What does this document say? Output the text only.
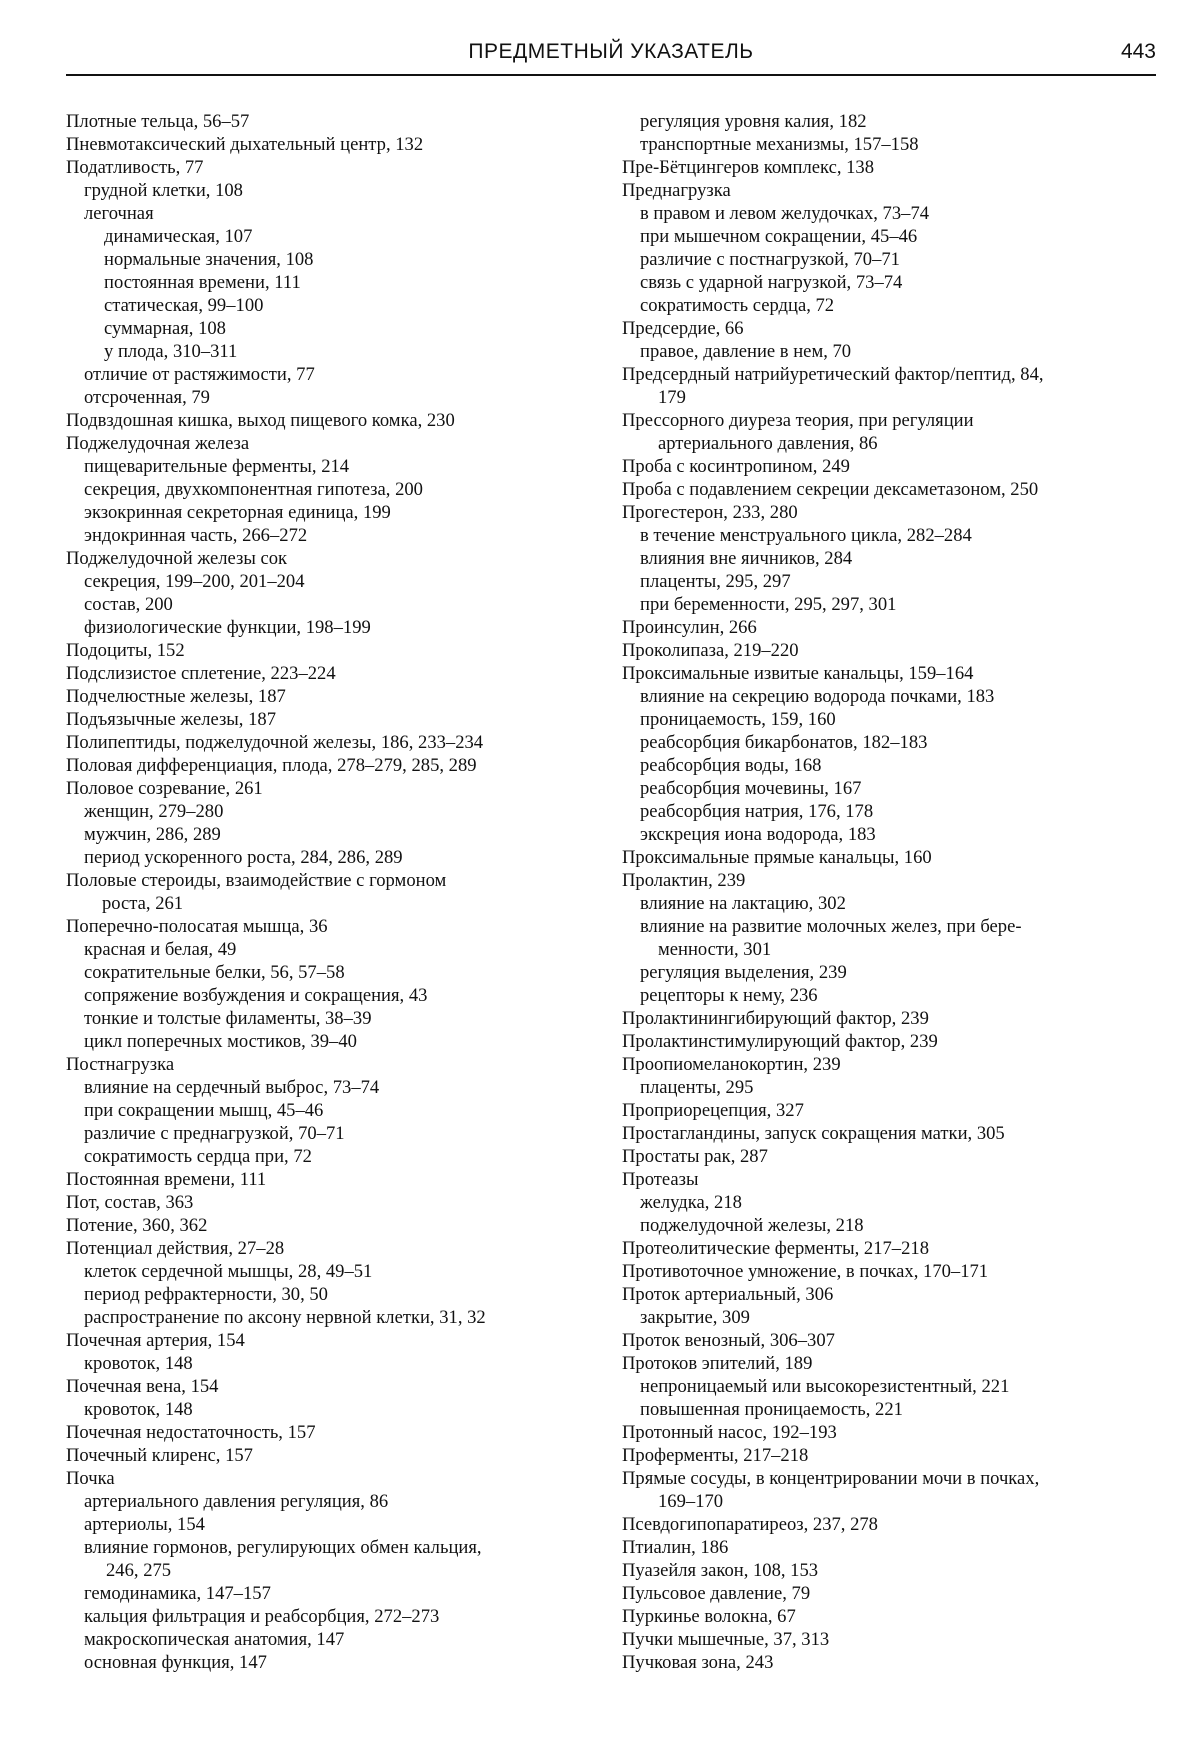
ПРЕДМЕТНЫЙ УКАЗАТЕЛЬ	443
Плотные тельца, 56–57
Пневмотаксический дыхательный центр, 132
Податливость, 77
грудной клетки, 108
легочная
динамическая, 107
нормальные значения, 108
постоянная времени, 111
статическая, 99–100
суммарная, 108
у плода, 310–311
отличие от растяжимости, 77
отсроченная, 79
Подвздошная кишка, выход пищевого комка, 230
Поджелудочная железа
пищеварительные ферменты, 214
секреция, двухкомпонентная гипотеза, 200
экзокринная секреторная единица, 199
эндокринная часть, 266–272
Поджелудочной железы сок
секреция, 199–200, 201–204
состав, 200
физиологические функции, 198–199
Подоциты, 152
Подслизистое сплетение, 223–224
Подчелюстные железы, 187
Подъязычные железы, 187
Полипептиды, поджелудочной железы, 186, 233–234
Половая дифференциация, плода, 278–279, 285, 289
Половое созревание, 261
женщин, 279–280
мужчин, 286, 289
период ускоренного роста, 284, 286, 289
Половые стероиды, взаимодействие с гормоном
роста, 261
Поперечно-полосатая мышца, 36
красная и белая, 49
сократительные белки, 56, 57–58
сопряжение возбуждения и сокращения, 43
тонкие и толстые филаменты, 38–39
цикл поперечных мостиков, 39–40
Постнагрузка
влияние на сердечный выброс, 73–74
при сокращении мышц, 45–46
различие с преднагрузкой, 70–71
сократимость сердца при, 72
Постоянная времени, 111
Пот, состав, 363
Потение, 360, 362
Потенциал действия, 27–28
клеток сердечной мышцы, 28, 49–51
период рефрактерности, 30, 50
распространение по аксону нервной клетки, 31, 32
Почечная артерия, 154
кровоток, 148
Почечная вена, 154
кровоток, 148
Почечная недостаточность, 157
Почечный клиренс, 157
Почка
артериального давления регуляция, 86
артериолы, 154
влияние гормонов, регулирующих обмен кальция,
246, 275
гемодинамика, 147–157
кальция фильтрация и реабсорбция, 272–273
макроскопическая анатомия, 147
основная функция, 147
регуляция уровня калия, 182
транспортные механизмы, 157–158
Пре-Бётцингеров комплекс, 138
Преднагрузка
в правом и левом желудочках, 73–74
при мышечном сокращении, 45–46
различие с постнагрузкой, 70–71
связь с ударной нагрузкой, 73–74
сократимость сердца, 72
Предсердие, 66
правое, давление в нем, 70
Предсердный натрийуретический фактор/пептид, 84,
179
Прессорного диуреза теория, при регуляции
артериального давления, 86
Проба с косинтропином, 249
Проба с подавлением секреции дексаметазоном, 250
Прогестерон, 233, 280
в течение менструального цикла, 282–284
влияния вне яичников, 284
плаценты, 295, 297
при беременности, 295, 297, 301
Проинсулин, 266
Проколипаза, 219–220
Проксимальные извитые канальцы, 159–164
влияние на секрецию водорода почками, 183
проницаемость, 159, 160
реабсорбция бикарбонатов, 182–183
реабсорбция воды, 168
реабсорбция мочевины, 167
реабсорбция натрия, 176, 178
экскреция иона водорода, 183
Проксимальные прямые канальцы, 160
Пролактин, 239
влияние на лактацию, 302
влияние на развитие молочных желез, при бере-
менности, 301
регуляция выделения, 239
рецепторы к нему, 236
Пролактинингибирующий фактор, 239
Пролактинстимулирующий фактор, 239
Проопиомеланокортин, 239
плаценты, 295
Проприорецепция, 327
Простагландины, запуск сокращения матки, 305
Простаты рак, 287
Протеазы
желудка, 218
поджелудочной железы, 218
Протеолитические ферменты, 217–218
Противоточное умножение, в почках, 170–171
Проток артериальный, 306
закрытие, 309
Проток венозный, 306–307
Протоков эпителий, 189
непроницаемый или высокорезистентный, 221
повышенная проницаемость, 221
Протонный насос, 192–193
Проферменты, 217–218
Прямые сосуды, в концентрировании мочи в почках,
169–170
Псевдогипопаратиреоз, 237, 278
Птиалин, 186
Пуазейля закон, 108, 153
Пульсовое давление, 79
Пуркинье волокна, 67
Пучки мышечные, 37, 313
Пучковая зона, 243
